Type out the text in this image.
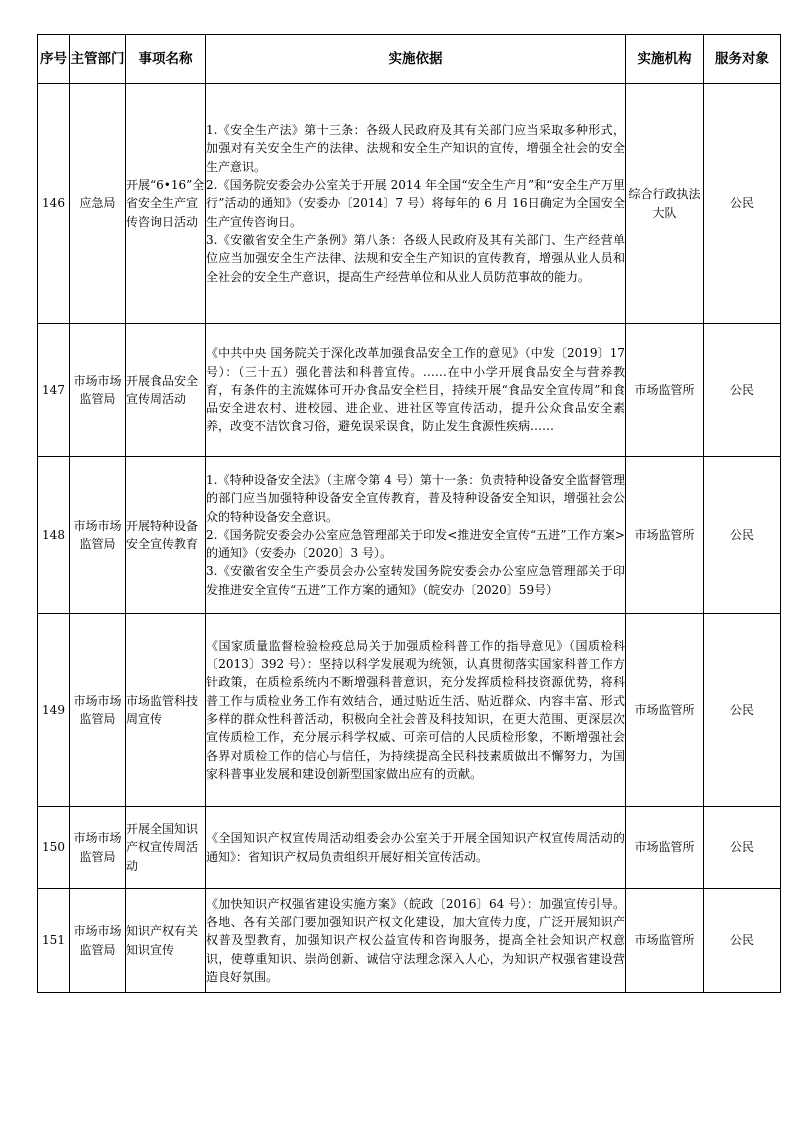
序号	主管部门	事项名称	实施依据	实施机构	服务对象
146	应急局	开展“6•16”全省安全生产宣传咨询日活动	1.《安全生产法》第十三条：各级人民政府及其有关部门应当采取多种形式，加强对有关安全生产的法律、法规和安全生产知识的宣传，增强全社会的安全生产意识。
2.《国务院安委会办公室关于开展 2014 年全国“安全生产月”和“安全生产万里行”活动的通知》（安委办〔2014〕7 号）将每年的 6 月 16日确定为全国安全生产宣传咨询日。
3.《安徽省安全生产条例》第八条：各级人民政府及其有关部门、生产经营单位应当加强安全生产法律、法规和安全生产知识的宣传教育，增强从业人员和全社会的安全生产意识，提高生产经营单位和从业人员防范事故的能力。	综合行政执法大队	公民
147	市场市场监管局	开展食品安全宣传周活动	《中共中央 国务院关于深化改革加强食品安全工作的意见》（中发〔2019〕17 号）：（三十五）强化普法和科普宣传。……在中小学开展食品安全与营养教育，有条件的主流媒体可开办食品安全栏目，持续开展“食品安全宣传周”和食品安全进农村、进校园、进企业、进社区等宣传活动，提升公众食品安全素养，改变不洁饮食习俗，避免误采误食，防止发生食源性疾病……	市场监管所	公民
148	市场市场监管局	开展特种设备安全宣传教育	1.《特种设备安全法》（主席令第 4 号）第十一条：负责特种设备安全监督管理的部门应当加强特种设备安全宣传教育，普及特种设备安全知识，增强社会公众的特种设备安全意识。
2.《国务院安委会办公室应急管理部关于印发<推进安全宣传“五进”工作方案>的通知》（安委办〔2020〕3 号）。
3.《安徽省安全生产委员会办公室转发国务院安委会办公室应急管理部关于印发推进安全宣传“五进”工作方案的通知》（皖安办〔2020〕59号）	市场监管所	公民
149	市场市场监管局	市场监管科技周宣传	《国家质量监督检验检疫总局关于加强质检科普工作的指导意见》（国质检科〔2013〕392 号）：坚持以科学发展观为统领，认真贯彻落实国家科普工作方针政策，在质检系统内不断增强科普意识，充分发挥质检科技资源优势，将科普工作与质检业务工作有效结合，通过贴近生活、贴近群众、内容丰富、形式多样的群众性科普活动，积极向全社会普及科技知识，在更大范围、更深层次宣传质检工作，充分展示科学权威、可亲可信的人民质检形象，不断增强社会各界对质检工作的信心与信任，为持续提高全民科技素质做出不懈努力，为国家科普事业发展和建设创新型国家做出应有的贡献。	市场监管所	公民
150	市场市场监管局	开展全国知识产权宣传周活动	《全国知识产权宣传周活动组委会办公室关于开展全国知识产权宣传周活动的通知》：省知识产权局负责组织开展好相关宣传活动。	市场监管所	公民
151	市场市场监管局	知识产权有关知识宣传	《加快知识产权强省建设实施方案》（皖政〔2016〕64 号）：加强宣传引导。各地、各有关部门要加强知识产权文化建设，加大宣传力度，广泛开展知识产权普及型教育，加强知识产权公益宣传和咨询服务，提高全社会知识产权意识，使尊重知识、崇尚创新、诚信守法理念深入人心，为知识产权强省建设营造良好氛围。	市场监管所	公民
